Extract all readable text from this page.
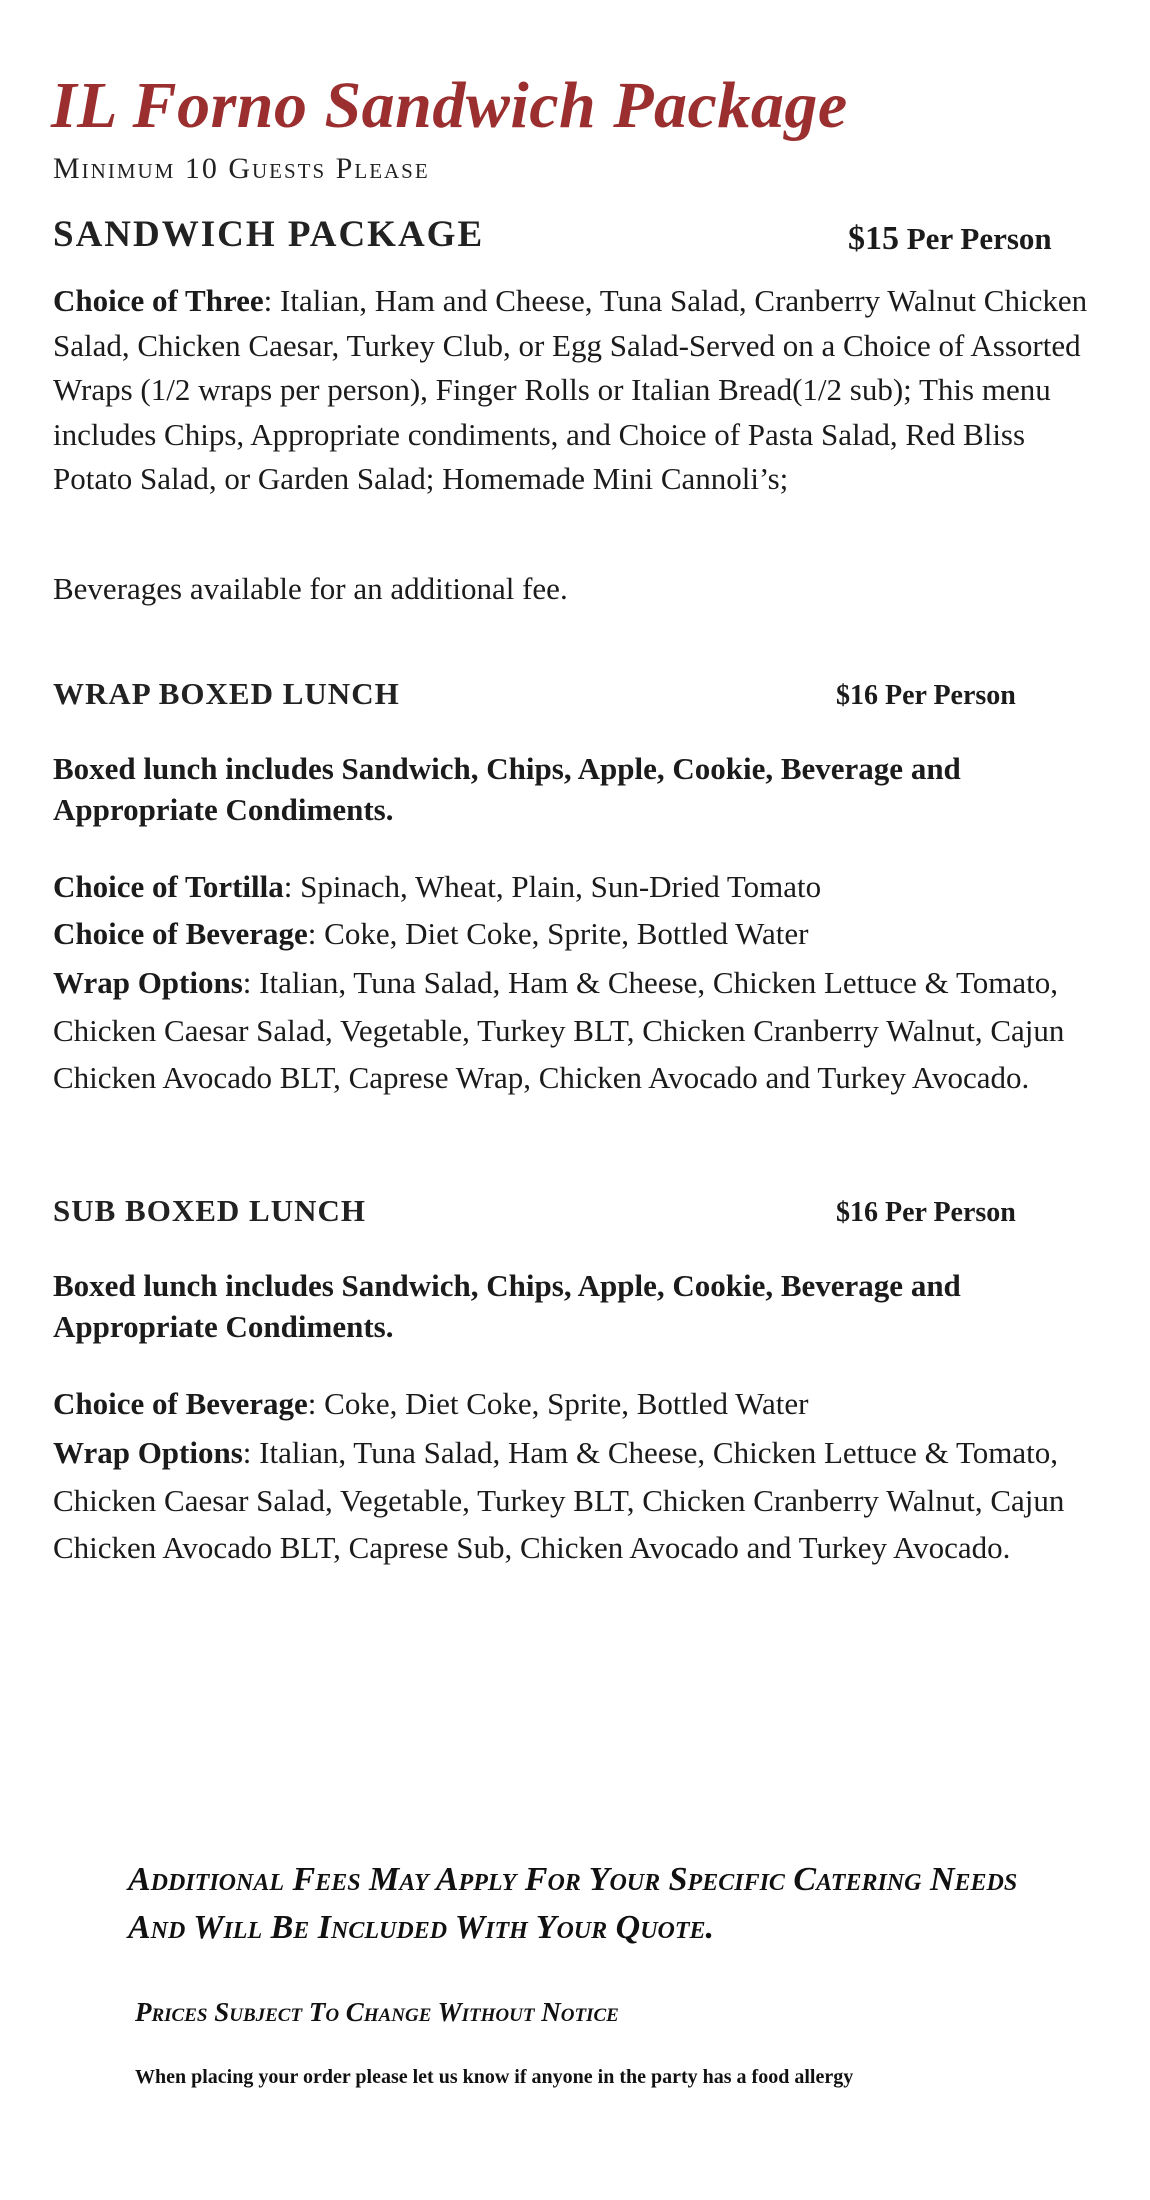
IL Forno Sandwich Package
Minimum 10 Guests Please
SANDWICH PACKAGE	$15 Per Person

Choice of Three: Italian, Ham and Cheese, Tuna Salad, Cranberry Walnut Chicken Salad, Chicken Caesar, Turkey Club, or Egg Salad-Served on a Choice of Assorted Wraps (1/2 wraps per person), Finger Rolls or Italian Bread(1/2 sub); This menu includes Chips, Appropriate condiments, and Choice of Pasta Salad, Red Bliss Potato Salad, or Garden Salad; Homemade Mini Cannoli’s;

Beverages available for an additional fee.

WRAP BOXED LUNCH	$16 Per Person

Boxed lunch includes Sandwich, Chips, Apple, Cookie, Beverage and Appropriate Condiments.

Choice of Tortilla: Spinach, Wheat, Plain, Sun-Dried Tomato
Choice of Beverage: Coke, Diet Coke, Sprite, Bottled Water

Wrap Options: Italian, Tuna Salad, Ham & Cheese, Chicken Lettuce & Tomato, Chicken Caesar Salad, Vegetable, Turkey BLT, Chicken Cranberry Walnut, Cajun Chicken Avocado BLT, Caprese Wrap, Chicken Avocado and Turkey Avocado.

SUB BOXED LUNCH	$16 Per Person

Boxed lunch includes Sandwich, Chips, Apple, Cookie, Beverage and Appropriate Condiments.

Choice of Beverage: Coke, Diet Coke, Sprite, Bottled Water

Wrap Options: Italian, Tuna Salad, Ham & Cheese, Chicken Lettuce & Tomato, Chicken Caesar Salad, Vegetable, Turkey BLT, Chicken Cranberry Walnut, Cajun Chicken Avocado BLT, Caprese Sub, Chicken Avocado and Turkey Avocado.

Additional Fees May Apply For Your Specific Catering Needs
And Will Be Included With Your Quote.
Prices Subject To Change Without Notice
When placing your order please let us know if anyone in the party has a food allergy
